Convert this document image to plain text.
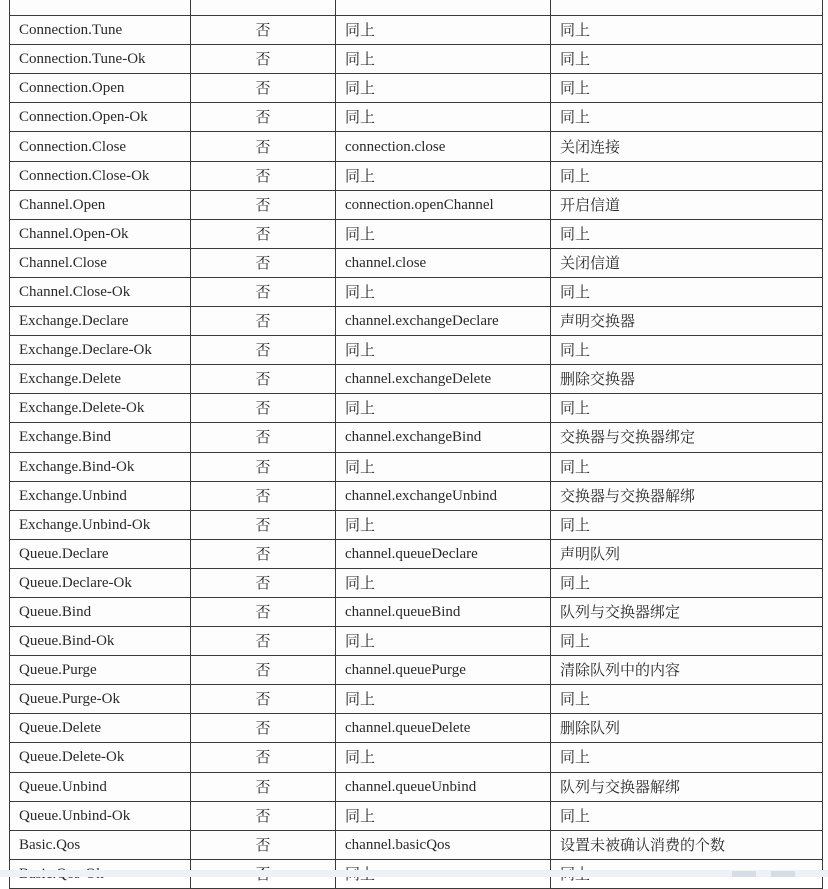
Connection.Tune	否	同上	同上
Connection.Tune-Ok	否	同上	同上
Connection.Open	否	同上	同上
Connection.Open-Ok	否	同上	同上
Connection.Close	否	connection.close	关闭连接
Connection.Close-Ok	否	同上	同上
Channel.Open	否	connection.openChannel	开启信道
Channel.Open-Ok	否	同上	同上
Channel.Close	否	channel.close	关闭信道
Channel.Close-Ok	否	同上	同上
Exchange.Declare	否	channel.exchangeDeclare	声明交换器
Exchange.Declare-Ok	否	同上	同上
Exchange.Delete	否	channel.exchangeDelete	删除交换器
Exchange.Delete-Ok	否	同上	同上
Exchange.Bind	否	channel.exchangeBind	交换器与交换器绑定
Exchange.Bind-Ok	否	同上	同上
Exchange.Unbind	否	channel.exchangeUnbind	交换器与交换器解绑
Exchange.Unbind-Ok	否	同上	同上
Queue.Declare	否	channel.queueDeclare	声明队列
Queue.Declare-Ok	否	同上	同上
Queue.Bind	否	channel.queueBind	队列与交换器绑定
Queue.Bind-Ok	否	同上	同上
Queue.Purge	否	channel.queuePurge	清除队列中的内容
Queue.Purge-Ok	否	同上	同上
Queue.Delete	否	channel.queueDelete	删除队列
Queue.Delete-Ok	否	同上	同上
Queue.Unbind	否	channel.queueUnbind	队列与交换器解绑
Queue.Unbind-Ok	否	同上	同上
Basic.Qos	否	channel.basicQos	设置未被确认消费的个数
